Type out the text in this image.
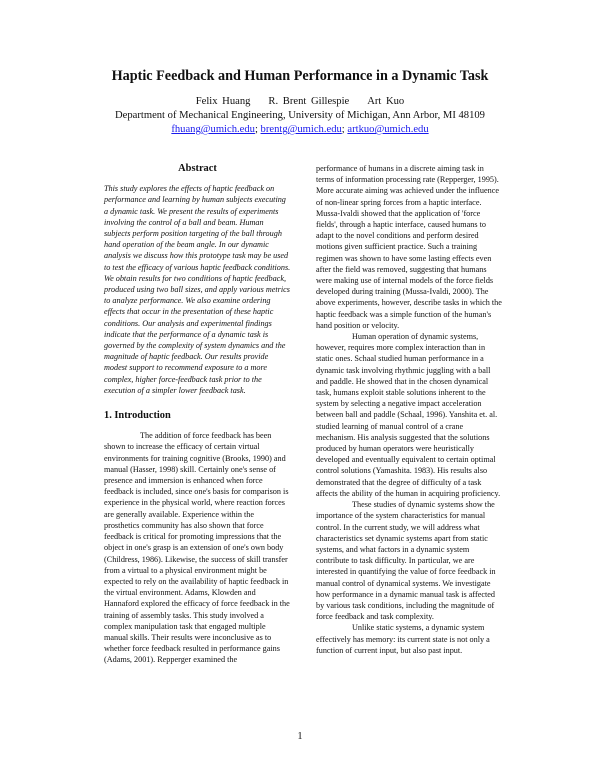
Haptic Feedback and Human Performance in a Dynamic Task
Felix Huang R. Brent Gillespie Art Kuo
Department of Mechanical Engineering, University of Michigan, Ann Arbor, MI 48109
fhuang@umich.edu; brentg@umich.edu; artkuo@umich.edu

Abstract

This study explores the effects of haptic feedback on performance and learning by human subjects executing a dynamic task. We present the results of experiments involving the control of a ball and beam. Human subjects perform position targeting of the ball through hand operation of the beam angle. In our dynamic analysis we discuss how this prototype task may be used to test the efficacy of various haptic feedback conditions. We obtain results for two conditions of haptic feedback, produced using two ball sizes, and apply various metrics to analyze performance. We also examine ordering effects that occur in the presentation of these haptic conditions. Our analysis and experimental findings indicate that the performance of a dynamic task is governed by the complexity of system dynamics and the magnitude of haptic feedback. Our results provide modest support to recommend exposure to a more complex, higher force-feedback task prior to the execution of a simpler lower feedback task.

1. Introduction

The addition of force feedback has been shown to increase the efficacy of certain virtual environments for training cognitive (Brooks, 1990) and manual (Hasser, 1998) skill. Certainly one's sense of presence and immersion is enhanced when force feedback is included, since one's basis for comparison is experience in the physical world, where reaction forces are generally available. Experience within the prosthetics community has also shown that force feedback is critical for promoting impressions that the object in one's grasp is an extension of one's own body (Childress, 1986). Likewise, the success of skill transfer from a virtual to a physical environment might be expected to rely on the availability of haptic feedback in the virtual environment. Adams, Klowden and Hannaford explored the efficacy of force feedback in the training of assembly tasks. This study involved a complex manipulation task that engaged multiple manual skills. Their results were inconclusive as to whether force feedback resulted in performance gains (Adams, 2001). Repperger examined the

performance of humans in a discrete aiming task in terms of information processing rate (Repperger, 1995). More accurate aiming was achieved under the influence of non-linear spring forces from a haptic interface. Mussa-Ivaldi showed that the application of 'force fields', through a haptic interface, caused humans to adapt to the novel conditions and perform desired motions given sufficient practice. Such a training regimen was shown to have some lasting effects even after the field was removed, suggesting that humans were making use of internal models of the force fields developed during training (Mussa-Ivaldi, 2000). The above experiments, however, describe tasks in which the haptic feedback was a simple function of the human's hand position or velocity.

Human operation of dynamic systems, however, requires more complex interaction than in static ones. Schaal studied human performance in a dynamic task involving rhythmic juggling with a ball and paddle. He showed that in the chosen dynamical task, humans exploit stable solutions inherent to the system by selecting a negative impact acceleration between ball and paddle (Schaal, 1996). Yanshita et. al. studied learning of manual control of a crane mechanism. His analysis suggested that the solutions produced by human operators were heuristically developed and eventually equivalent to certain optimal control solutions (Yamashita. 1983). His results also demonstrated that the degree of difficulty of a task affects the ability of the human in acquiring proficiency.

These studies of dynamic systems show the importance of the system characteristics for manual control. In the current study, we will address what characteristics set dynamic systems apart from static systems, and what factors in a dynamic system contribute to task difficulty. In particular, we are interested in quantifying the value of force feedback in manual control of dynamical systems. We investigate how performance in a dynamic manual task is affected by various task conditions, including the magnitude of force feedback and task complexity.

Unlike static systems, a dynamic system effectively has memory: its current state is not only a function of current input, but also past input.

1
